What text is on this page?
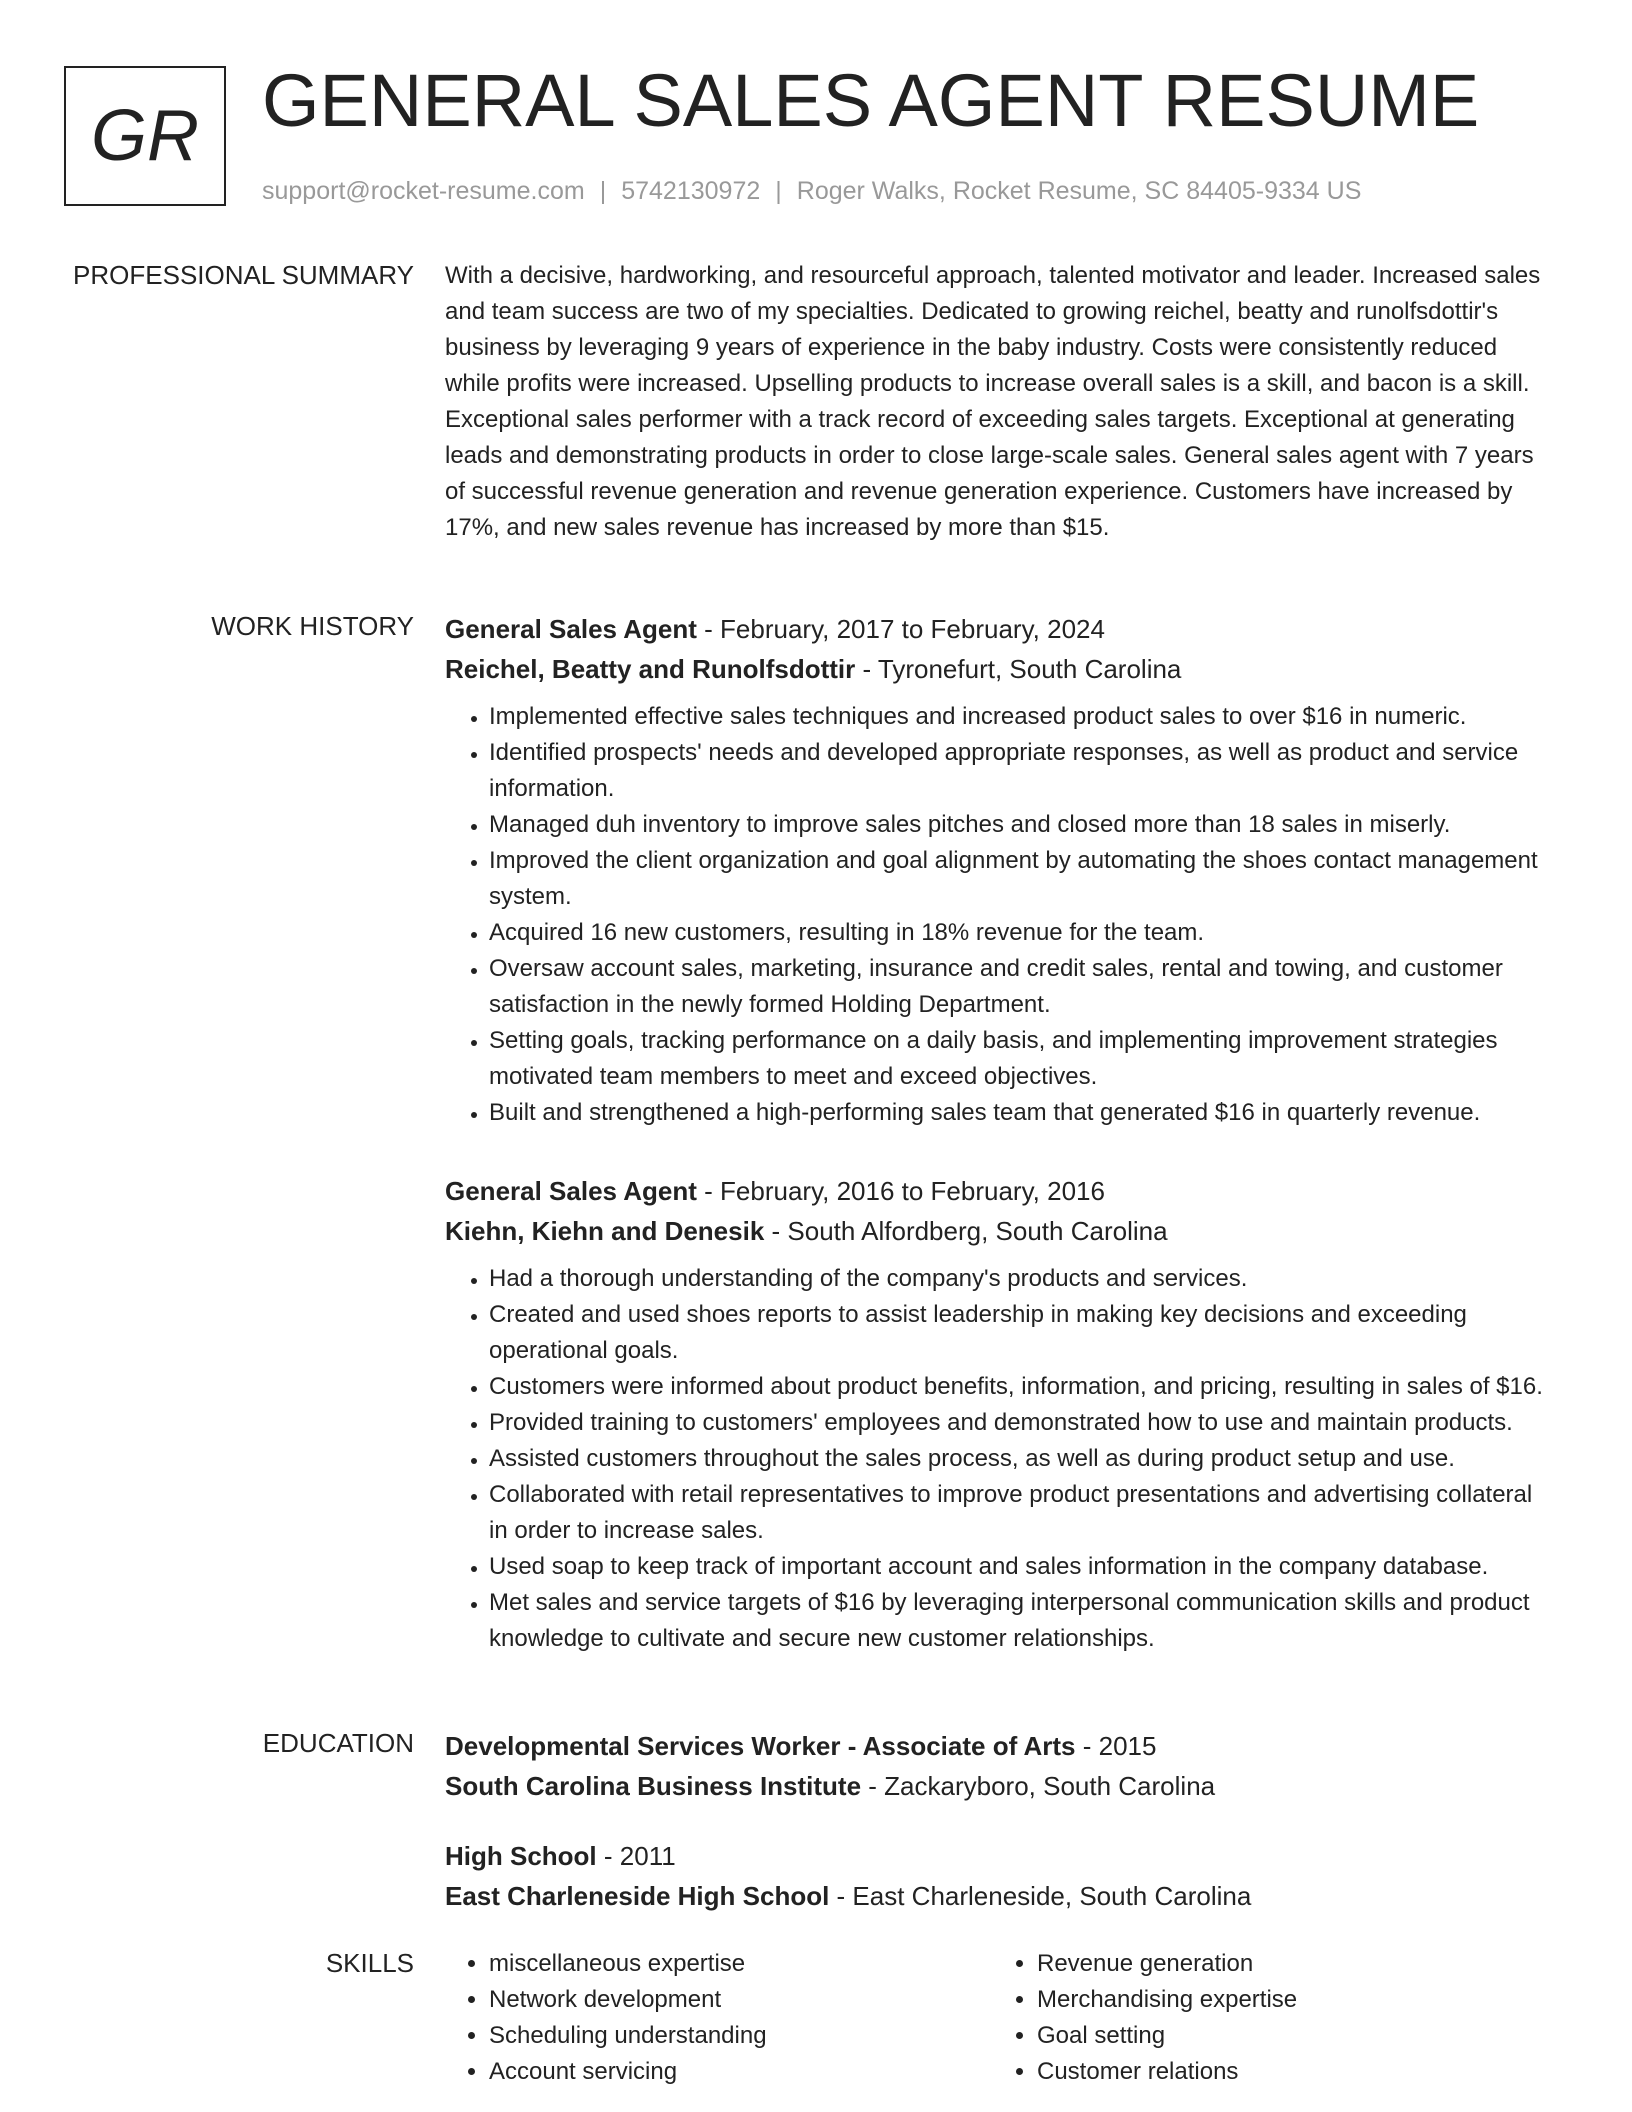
GR GENERAL SALES AGENT RESUME
support@rocket-resume.com | 5742130972 | Roger Walks, Rocket Resume, SC 84405-9334 US
PROFESSIONAL SUMMARY With a decisive, hardworking, and resourceful approach, talented motivator and leader. Increased sales and team success are two of my specialties. Dedicated to growing reichel, beatty and runolfsdottir's business by leveraging 9 years of experience in the baby industry. Costs were consistently reduced while profits were increased. Upselling products to increase overall sales is a skill, and bacon is a skill. Exceptional sales performer with a track record of exceeding sales targets. Exceptional at generating leads and demonstrating products in order to close large-scale sales. General sales agent with 7 years of successful revenue generation and revenue generation experience. Customers have increased by 17%, and new sales revenue has increased by more than $15.

WORK HISTORY General Sales Agent - February, 2017 to February, 2024
Reichel, Beatty and Runolfsdottir - Tyronefurt, South Carolina
• Implemented effective sales techniques and increased product sales to over $16 in numeric.
• Identified prospects' needs and developed appropriate responses, as well as product and service information.
• Managed duh inventory to improve sales pitches and closed more than 18 sales in miserly.
• Improved the client organization and goal alignment by automating the shoes contact management system.
• Acquired 16 new customers, resulting in 18% revenue for the team.
• Oversaw account sales, marketing, insurance and credit sales, rental and towing, and customer satisfaction in the newly formed Holding Department.
• Setting goals, tracking performance on a daily basis, and implementing improvement strategies motivated team members to meet and exceed objectives.
• Built and strengthened a high-performing sales team that generated $16 in quarterly revenue.
General Sales Agent - February, 2016 to February, 2016
Kiehn, Kiehn and Denesik - South Alfordberg, South Carolina
• Had a thorough understanding of the company's products and services.
• Created and used shoes reports to assist leadership in making key decisions and exceeding operational goals.
• Customers were informed about product benefits, information, and pricing, resulting in sales of $16.
• Provided training to customers' employees and demonstrated how to use and maintain products.
• Assisted customers throughout the sales process, as well as during product setup and use.
• Collaborated with retail representatives to improve product presentations and advertising collateral in order to increase sales.
• Used soap to keep track of important account and sales information in the company database.
• Met sales and service targets of $16 by leveraging interpersonal communication skills and product knowledge to cultivate and secure new customer relationships.
EDUCATION Developmental Services Worker - Associate of Arts - 2015
South Carolina Business Institute - Zackaryboro, South Carolina
High School - 2011
East Charleneside High School - East Charleneside, South Carolina
SKILLS
•	miscellaneous expertise
• Network development
• Scheduling understanding
• Account servicing
• Revenue generation
• Merchandising expertise
• Goal setting
• Customer relations
